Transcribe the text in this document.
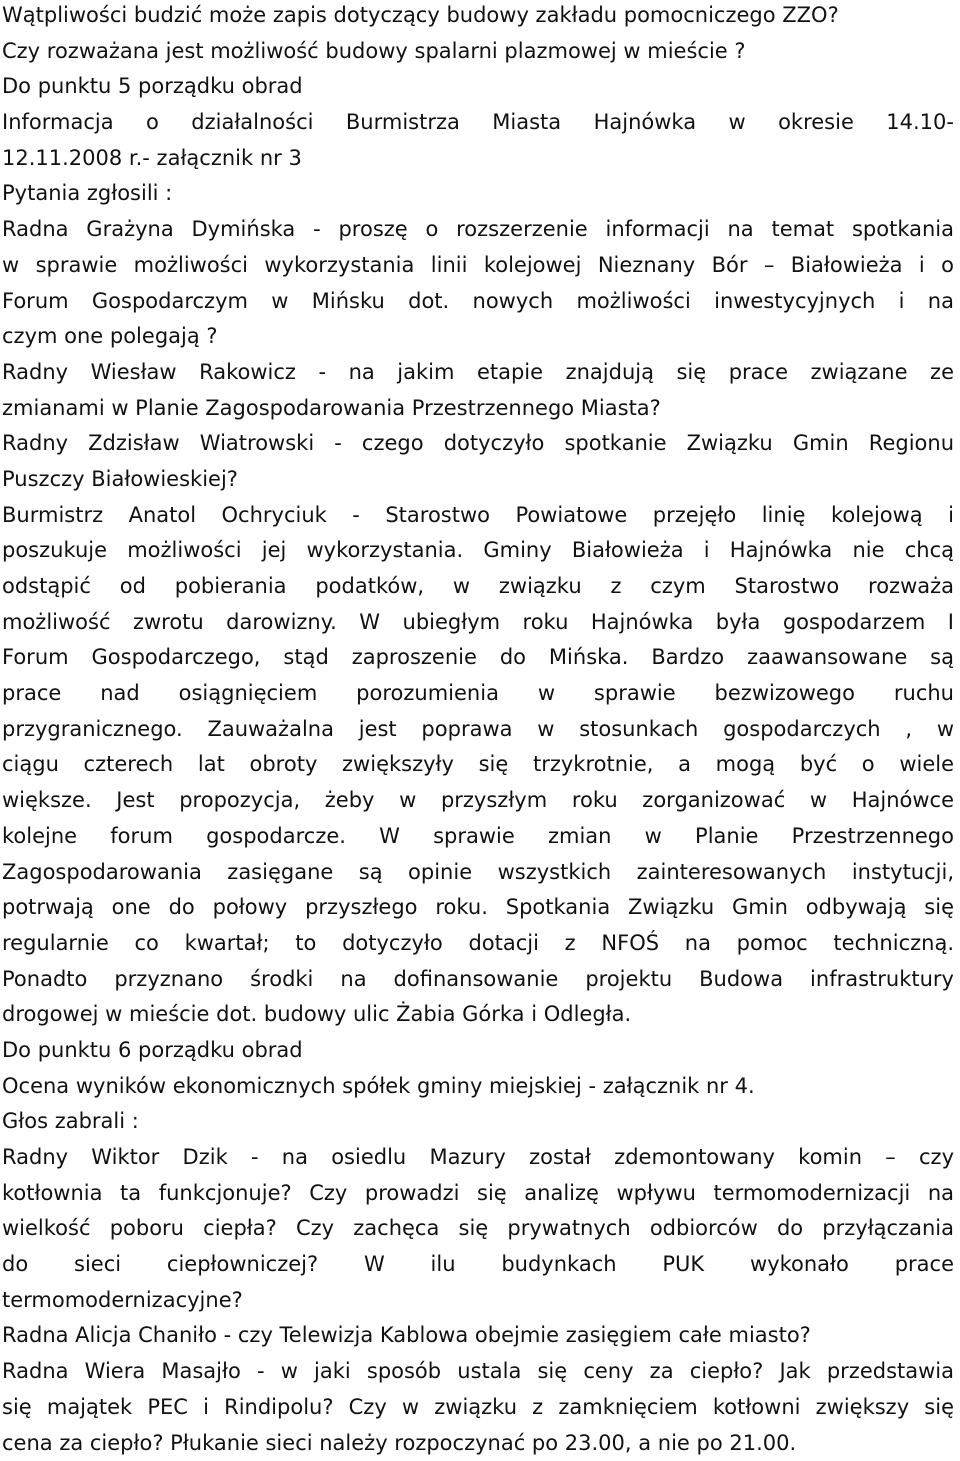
Wątpliwości budzić może zapis dotyczący budowy zakładu pomocniczego ZZO?
Czy rozważana jest możliwość budowy spalarni plazmowej w mieście ?
Do punktu 5 porządku obrad
Informacja o działalności Burmistrza Miasta Hajnówka w okresie 14.10-
12.11.2008 r.- załącznik nr 3
Pytania zgłosili :
Radna Grażyna Dymińska - proszę o rozszerzenie informacji na temat spotkania
w sprawie możliwości wykorzystania linii kolejowej Nieznany Bór – Białowieża i o
Forum Gospodarczym w Mińsku dot. nowych możliwości inwestycyjnych i na
czym one polegają ?
Radny Wiesław Rakowicz - na jakim etapie znajdują się prace związane ze
zmianami w Planie Zagospodarowania Przestrzennego Miasta?
Radny Zdzisław Wiatrowski - czego dotyczyło spotkanie Związku Gmin Regionu
Puszczy Białowieskiej?
Burmistrz Anatol Ochryciuk - Starostwo Powiatowe przejęło linię kolejową i
poszukuje możliwości jej wykorzystania. Gminy Białowieża i Hajnówka nie chcą
odstąpić od pobierania podatków, w związku z czym Starostwo rozważa
możliwość zwrotu darowizny. W ubiegłym roku Hajnówka była gospodarzem I
Forum Gospodarczego, stąd zaproszenie do Mińska. Bardzo zaawansowane są
prace nad osiągnięciem porozumienia w sprawie bezwizowego ruchu
przygranicznego. Zauważalna jest poprawa w stosunkach gospodarczych , w
ciągu czterech lat obroty zwiększyły się trzykrotnie, a mogą być o wiele
większe. Jest propozycja, żeby w przyszłym roku zorganizować w Hajnówce
kolejne forum gospodarcze. W sprawie zmian w Planie Przestrzennego
Zagospodarowania zasięgane są opinie wszystkich zainteresowanych instytucji,
potrwają one do połowy przyszłego roku. Spotkania Związku Gmin odbywają się
regularnie co kwartał; to dotyczyło dotacji z NFOŚ na pomoc techniczną.
Ponadto przyznano środki na dofinansowanie projektu Budowa infrastruktury
drogowej w mieście dot. budowy ulic Żabia Górka i Odległa.
Do punktu 6 porządku obrad
Ocena wyników ekonomicznych spółek gminy miejskiej - załącznik nr 4.
Głos zabrali :
Radny Wiktor Dzik - na osiedlu Mazury został zdemontowany komin – czy
kotłownia ta funkcjonuje? Czy prowadzi się analizę wpływu termomodernizacji na
wielkość poboru ciepła? Czy zachęca się prywatnych odbiorców do przyłączania
do sieci ciepłowniczej? W ilu budynkach PUK wykonało prace
termomodernizacyjne?
Radna Alicja Chaniło - czy Telewizja Kablowa obejmie zasięgiem całe miasto?
Radna Wiera Masajło - w jaki sposób ustala się ceny za ciepło? Jak przedstawia
się majątek PEC i Rindipolu? Czy w związku z zamknięciem kotłowni zwiększy się
cena za ciepło? Płukanie sieci należy rozpoczynać po 23.00, a nie po 21.00.
